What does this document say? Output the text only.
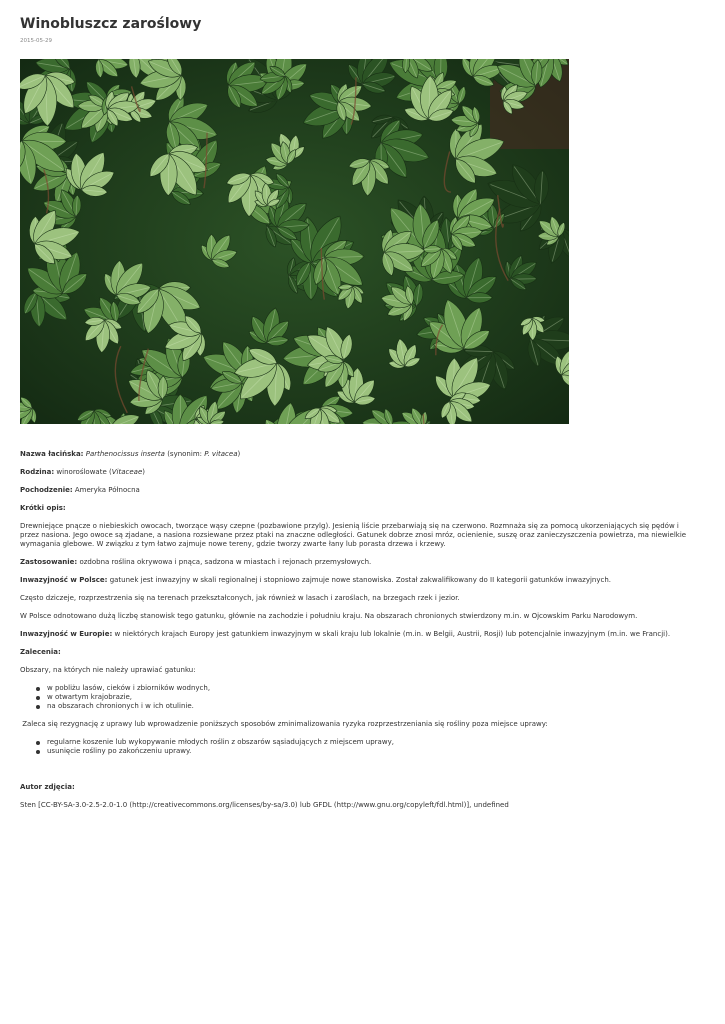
Winobluszcz zaroślowy
2015-05-29

Nazwa łacińska: Parthenocissus inserta (synonim: P. vitacea)

Rodzina: winoroślowate (Vitaceae)

Pochodzenie: Ameryka Północna

Krótki opis:

Drewniejące pnącze o niebieskich owocach, tworzące wąsy czepne (pozbawione przylg). Jesienią liście przebarwiają się na czerwono. Rozmnaża się za pomocą ukorzeniających się pędów i przez nasiona. Jego owoce są zjadane, a nasiona rozsiewane przez ptaki na znaczne odległości. Gatunek dobrze znosi mróz, ocienienie, suszę oraz zanieczyszczenia powietrza, ma niewielkie wymagania glebowe. W związku z tym łatwo zajmuje nowe tereny, gdzie tworzy zwarte łany lub porasta drzewa i krzewy.

Zastosowanie: ozdobna roślina okrywowa i pnąca, sadzona w miastach i rejonach przemysłowych.

Inwazyjność w Polsce: gatunek jest inwazyjny w skali regionalnej i stopniowo zajmuje nowe stanowiska. Został zakwalifikowany do II kategorii gatunków inwazyjnych.

Często dziczeje, rozprzestrzenia się na terenach przekształconych, jak również w lasach i zaroślach, na brzegach rzek i jezior.

W Polsce odnotowano dużą liczbę stanowisk tego gatunku, głównie na zachodzie i południu kraju. Na obszarach chronionych stwierdzony m.in. w Ojcowskim Parku Narodowym.

Inwazyjność w Europie: w niektórych krajach Europy jest gatunkiem inwazyjnym w skali kraju lub lokalnie (m.in. w Belgii, Austrii, Rosji) lub potencjalnie inwazyjnym (m.in. we Francji).

Zalecenia:

Obszary, na których nie należy uprawiać gatunku:

w pobliżu lasów, cieków i zbiorników wodnych,
w otwartym krajobrazie,
na obszarach chronionych i w ich otulinie.

Zaleca się rezygnację z uprawy lub wprowadzenie poniższych sposobów zminimalizowania ryzyka rozprzestrzeniania się rośliny poza miejsce uprawy:

regularne koszenie lub wykopywanie młodych roślin z obszarów sąsiadujących z miejscem uprawy,
usunięcie rośliny po zakończeniu uprawy.

Autor zdjęcia:

Sten [CC-BY-SA-3.0-2.5-2.0-1.0 (http://creativecommons.org/licenses/by-sa/3.0) lub GFDL (http://www.gnu.org/copyleft/fdl.html)], undefined
